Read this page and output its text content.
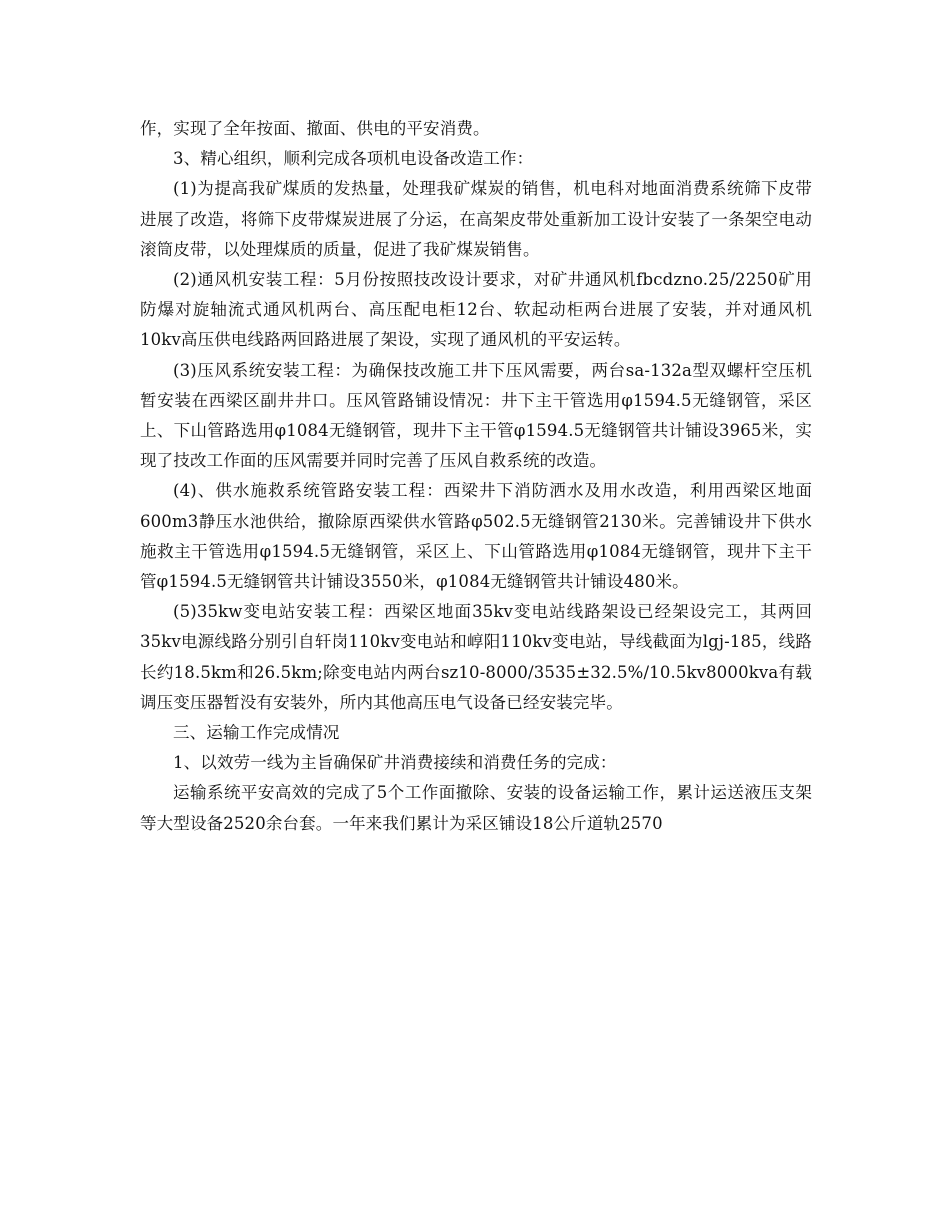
作，实现了全年按面、撤面、供电的平安消费。

3、精心组织，顺利完成各项机电设备改造工作：

(1)为提高我矿煤质的发热量，处理我矿煤炭的销售，机电科对地面消费系统筛下皮带进展了改造，将筛下皮带煤炭进展了分运，在高架皮带处重新加工设计安装了一条架空电动滚筒皮带，以处理煤质的质量，促进了我矿煤炭销售。

(2)通风机安装工程：5月份按照技改设计要求，对矿井通风机fbcdzno.25/2250矿用防爆对旋轴流式通风机两台、高压配电柜12台、软起动柜两台进展了安装，并对通风机10kv高压供电线路两回路进展了架设，实现了通风机的平安运转。

(3)压风系统安装工程：为确保技改施工井下压风需要，两台sa-132a型双螺杆空压机暂安装在西梁区副井井口。压风管路铺设情况：井下主干管选用φ1594.5无缝钢管，采区上、下山管路选用φ1084无缝钢管，现井下主干管φ1594.5无缝钢管共计铺设3965米，实现了技改工作面的压风需要并同时完善了压风自救系统的改造。

(4)、供水施救系统管路安装工程：西梁井下消防洒水及用水改造，利用西梁区地面600m3静压水池供给，撤除原西梁供水管路φ502.5无缝钢管2130米。完善铺设井下供水施救主干管选用φ1594.5无缝钢管，采区上、下山管路选用φ1084无缝钢管，现井下主干管φ1594.5无缝钢管共计铺设3550米，φ1084无缝钢管共计铺设480米。

(5)35kw变电站安装工程：西梁区地面35kv变电站线路架设已经架设完工，其两回35kv电源线路分别引自轩岗110kv变电站和崞阳110kv变电站，导线截面为lgj-185，线路长约18.5km和26.5km;除变电站内两台sz10-8000/3535±32.5%/10.5kv8000kva有载调压变压器暂没有安装外，所内其他高压电气设备已经安装完毕。

三、运输工作完成情况

1、以效劳一线为主旨确保矿井消费接续和消费任务的完成：

运输系统平安高效的完成了5个工作面撤除、安装的设备运输工作，累计运送液压支架等大型设备2520余台套。一年来我们累计为采区铺设18公斤道轨2570
